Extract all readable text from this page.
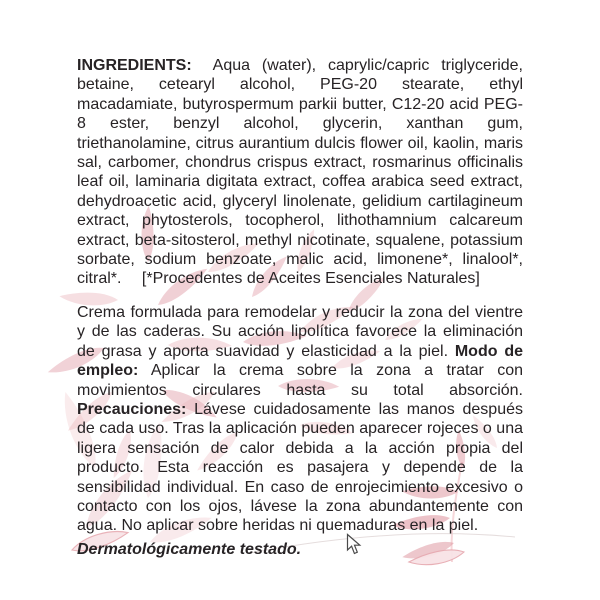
INGREDIENTS: Aqua (water), caprylic/capric triglyceride, betaine, cetearyl alcohol, PEG-20 stearate, ethyl macadamiate, butyrospermum parkii butter, C12-20 acid PEG-8 ester, benzyl alcohol, glycerin, xanthan gum, triethanolamine, citrus aurantium dulcis flower oil, kaolin, maris sal, carbomer, chondrus crispus extract, rosmarinus officinalis leaf oil, laminaria digitata extract, coffea arabica seed extract, dehydroacetic acid, glyceryl linolenate, gelidium cartilagineum extract, phytosterols, tocopherol, lithothamnium calcareum extract, beta-sitosterol, methyl nicotinate, squalene, potassium sorbate, sodium benzoate, malic acid, limonene*, linalool*, citral*. [*Procedentes de Aceites Esenciales Naturales]

Crema formulada para remodelar y reducir la zona del vientre y de las caderas. Su acción lipolítica favorece la eliminación de grasa y aporta suavidad y elasticidad a la piel. Modo de empleo: Aplicar la crema sobre la zona a tratar con movimientos circulares hasta su total absorción. Precauciones: Lávese cuidadosamente las manos después de cada uso. Tras la aplicación pueden aparecer rojeces o una ligera sensación de calor debida a la acción propia del producto. Esta reacción es pasajera y depende de la sensibilidad individual. En caso de enrojecimiento excesivo o contacto con los ojos, lávese la zona abundantemente con agua. No aplicar sobre heridas ni quemaduras en la piel.

Dermatológicamente testado.
